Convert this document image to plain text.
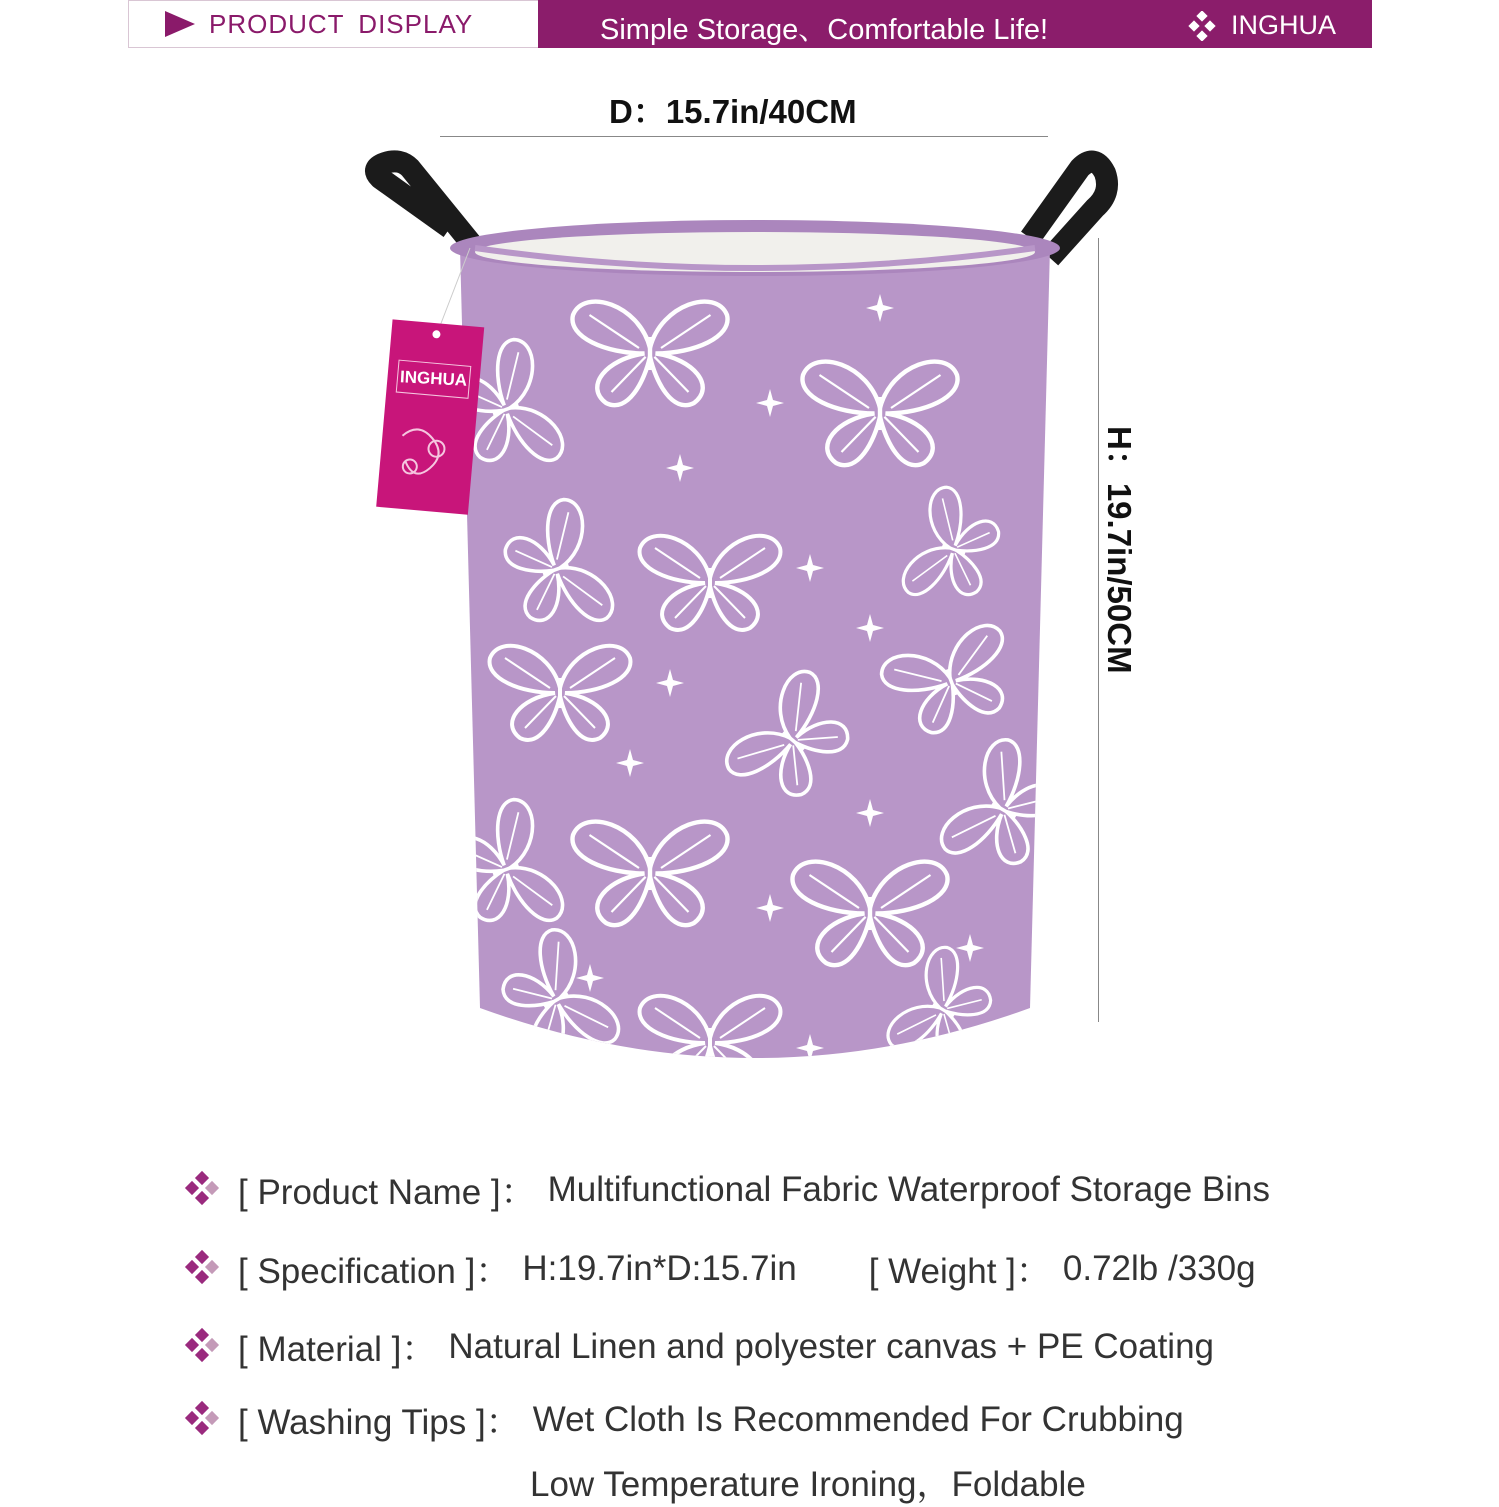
PRODUCT DISPLAY	Simple Storage、Comfortable Life!	INGHUA
D：15.7in/40CM
H：19.7in/50CM
INGHUA
[ Product Name ]： Multifunctional Fabric Waterproof Storage Bins
[ Specification ]： H:19.7in*D:15.7in [ Weight ]： 0.72lb /330g
[ Material ]： Natural Linen and polyester canvas + PE Coating
[ Washing Tips ]： Wet Cloth Is Recommended For Crubbing
Low Temperature Ironing，Foldable
